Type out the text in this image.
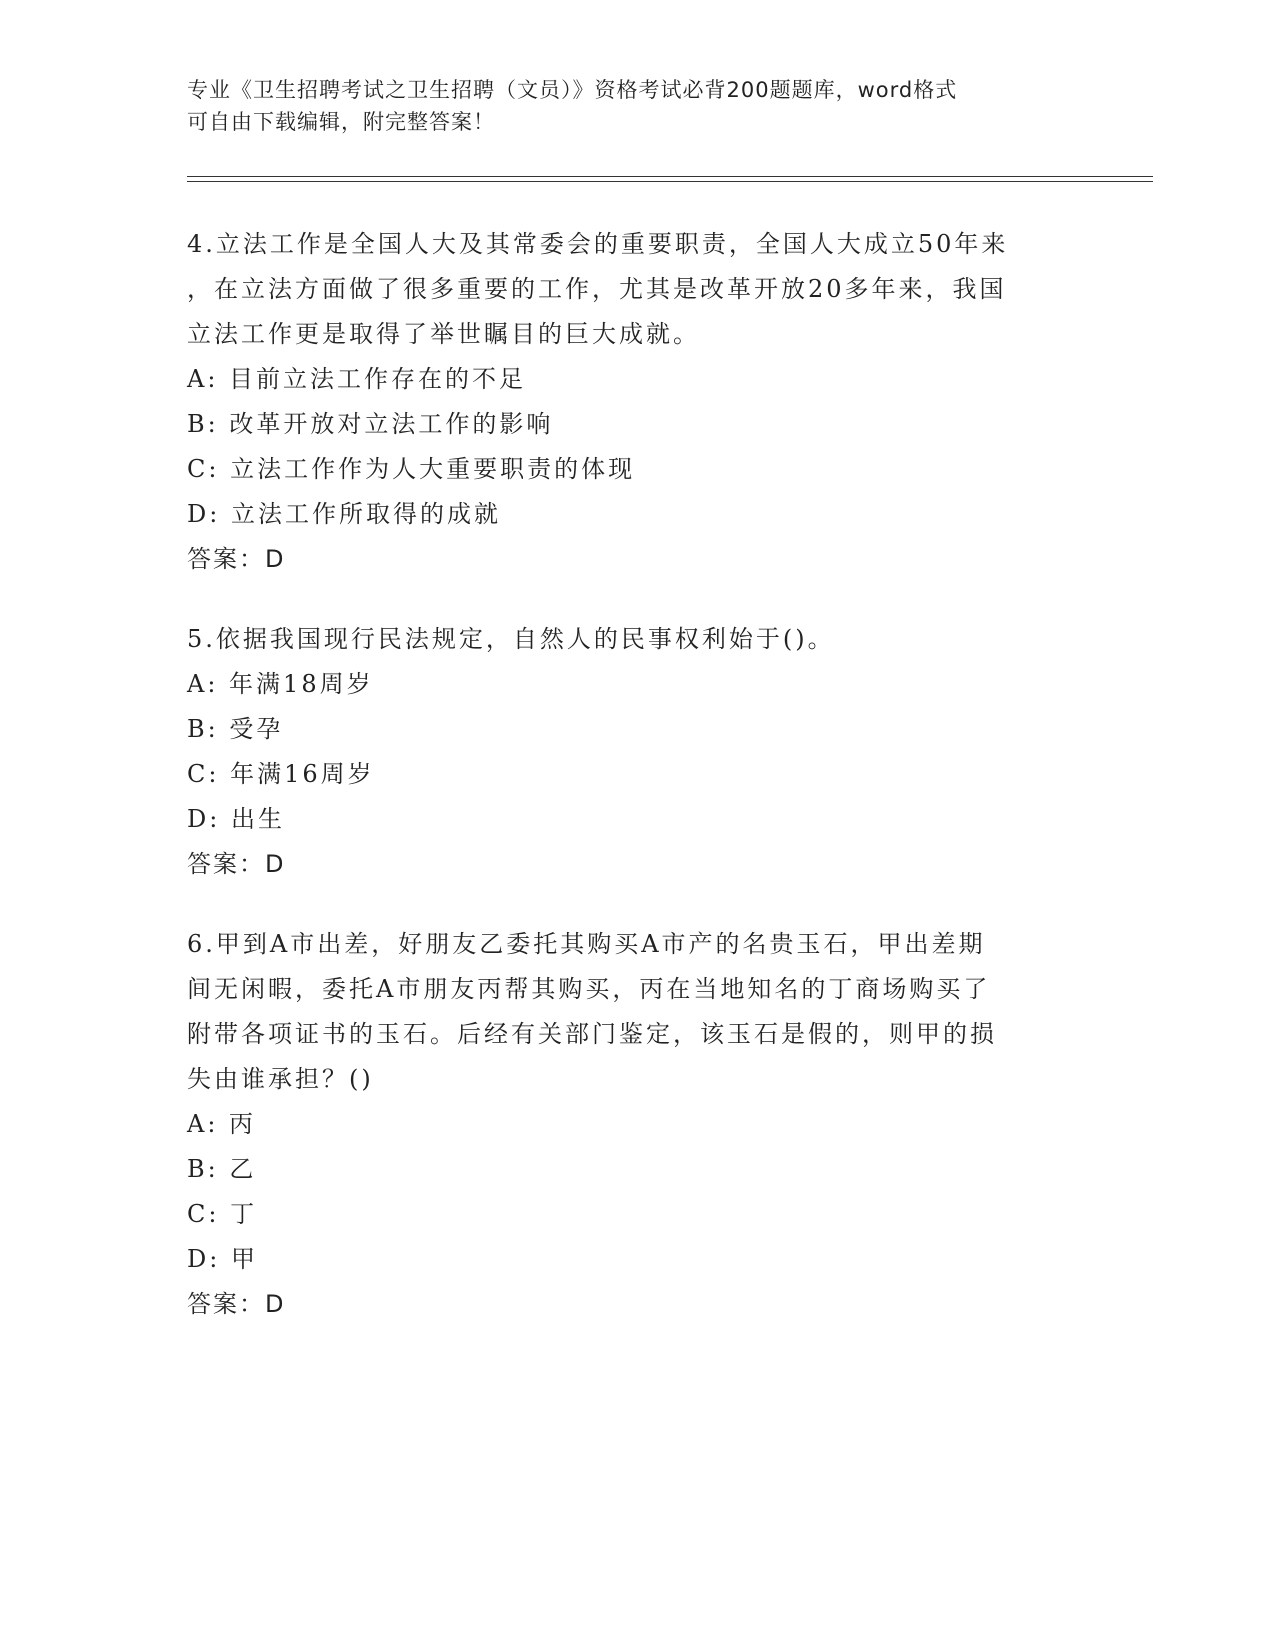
专业《卫生招聘考试之卫生招聘（文员）》资格考试必背200题题库，word格式
可自由下载编辑，附完整答案！
4.立法工作是全国人大及其常委会的重要职责，全国人大成立50年来
，在立法方面做了很多重要的工作，尤其是改革开放20多年来，我国
立法工作更是取得了举世瞩目的巨大成就。
A: 目前立法工作存在的不足
B: 改革开放对立法工作的影响
C: 立法工作作为人大重要职责的体现
D: 立法工作所取得的成就
答案：D
5.依据我国现行民法规定，自然人的民事权利始于()。
A: 年满18周岁
B: 受孕
C: 年满16周岁
D: 出生
答案：D
6.甲到A市出差，好朋友乙委托其购买A市产的名贵玉石，甲出差期
间无闲暇，委托A市朋友丙帮其购买，丙在当地知名的丁商场购买了
附带各项证书的玉石。后经有关部门鉴定，该玉石是假的，则甲的损
失由谁承担？()
A: 丙
B: 乙
C: 丁
D: 甲
答案：D
